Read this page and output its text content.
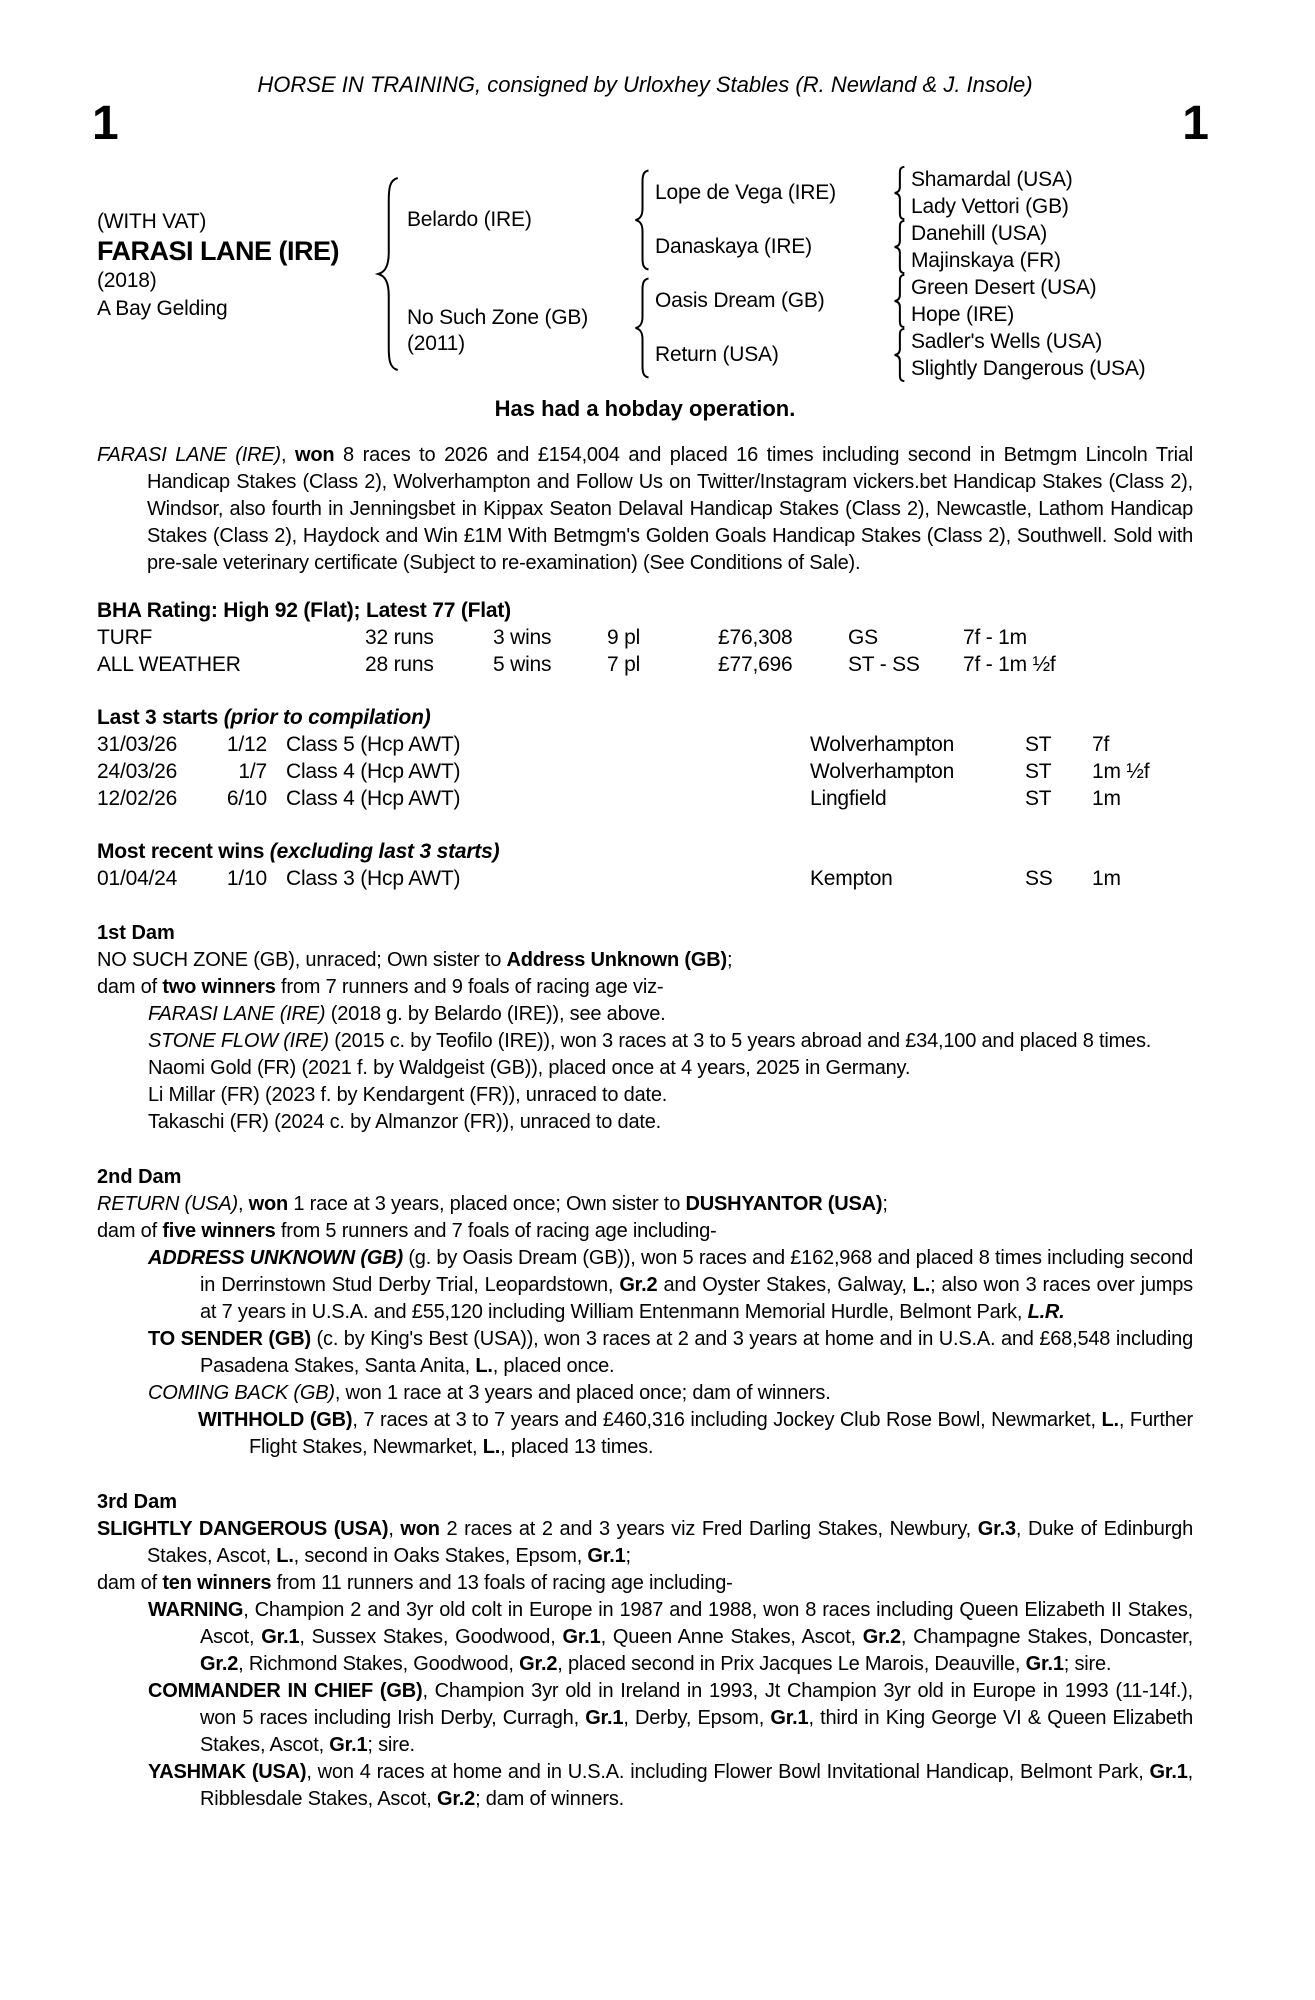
1	1
HORSE IN TRAINING, consigned by Urloxhey Stables (R. Newland & J. Insole)
(WITH VAT)
FARASI LANE (IRE)
(2018)
A Bay Gelding
Belardo (IRE)
No Such Zone (GB)
(2011)
Lope de Vega (IRE)
Danaskaya (IRE)
Oasis Dream (GB)
Return (USA)
Shamardal (USA)
Lady Vettori (GB)
Danehill (USA)
Majinskaya (FR)
Green Desert (USA)
Hope (IRE)
Sadler's Wells (USA)
Slightly Dangerous (USA)
Has had a hobday operation.

FARASI LANE (IRE), won 8 races to 2026 and £154,004 and placed 16 times including second in Betmgm Lincoln Trial Handicap Stakes (Class 2), Wolverhampton and Follow Us on Twitter/Instagram vickers.bet Handicap Stakes (Class 2), Windsor, also fourth in Jenningsbet in Kippax Seaton Delaval Handicap Stakes (Class 2), Newcastle, Lathom Handicap Stakes (Class 2), Haydock and Win £1M With Betmgm's Golden Goals Handicap Stakes (Class 2), Southwell. Sold with pre-sale veterinary certificate (Subject to re-examination) (See Conditions of Sale).

BHA Rating: High 92 (Flat); Latest 77 (Flat)
TURF	32 runs	3 wins	9 pl	£76,308	GS	7f - 1m
ALL WEATHER	28 runs	5 wins	7 pl	£77,696	ST - SS	7f - 1m ½f
Last 3 starts (prior to compilation)
31/03/26	1/12 Class 5 (Hcp AWT)	Wolverhampton	ST	7f
24/03/26	1/7 Class 4 (Hcp AWT)	Wolverhampton	ST	1m ½f
12/02/26	6/10 Class 4 (Hcp AWT)	Lingfield	ST	1m
Most recent wins (excluding last 3 starts)
01/04/24	1/10 Class 3 (Hcp AWT)	Kempton	SS	1m
1st Dam

NO SUCH ZONE (GB), unraced; Own sister to Address Unknown (GB);

dam of two winners from 7 runners and 9 foals of racing age viz-

FARASI LANE (IRE) (2018 g. by Belardo (IRE)), see above.

STONE FLOW (IRE) (2015 c. by Teofilo (IRE)), won 3 races at 3 to 5 years abroad and £34,100 and placed 8 times.

Naomi Gold (FR) (2021 f. by Waldgeist (GB)), placed once at 4 years, 2025 in Germany.

Li Millar (FR) (2023 f. by Kendargent (FR)), unraced to date.

Takaschi (FR) (2024 c. by Almanzor (FR)), unraced to date.

2nd Dam

RETURN (USA), won 1 race at 3 years, placed once; Own sister to DUSHYANTOR (USA);

dam of five winners from 5 runners and 7 foals of racing age including-

ADDRESS UNKNOWN (GB) (g. by Oasis Dream (GB)), won 5 races and £162,968 and placed 8 times including second in Derrinstown Stud Derby Trial, Leopardstown, Gr.2 and Oyster Stakes, Galway, L.; also won 3 races over jumps at 7 years in U.S.A. and £55,120 including William Entenmann Memorial Hurdle, Belmont Park, L.R.

TO SENDER (GB) (c. by King's Best (USA)), won 3 races at 2 and 3 years at home and in U.S.A. and £68,548 including Pasadena Stakes, Santa Anita, L., placed once.

COMING BACK (GB), won 1 race at 3 years and placed once; dam of winners.

WITHHOLD (GB), 7 races at 3 to 7 years and £460,316 including Jockey Club Rose Bowl, Newmarket, L., Further Flight Stakes, Newmarket, L., placed 13 times.

3rd Dam

SLIGHTLY DANGEROUS (USA), won 2 races at 2 and 3 years viz Fred Darling Stakes, Newbury, Gr.3, Duke of Edinburgh Stakes, Ascot, L., second in Oaks Stakes, Epsom, Gr.1;

dam of ten winners from 11 runners and 13 foals of racing age including-

WARNING, Champion 2 and 3yr old colt in Europe in 1987 and 1988, won 8 races including Queen Elizabeth II Stakes, Ascot, Gr.1, Sussex Stakes, Goodwood, Gr.1, Queen Anne Stakes, Ascot, Gr.2, Champagne Stakes, Doncaster, Gr.2, Richmond Stakes, Goodwood, Gr.2, placed second in Prix Jacques Le Marois, Deauville, Gr.1; sire.

COMMANDER IN CHIEF (GB), Champion 3yr old in Ireland in 1993, Jt Champion 3yr old in Europe in 1993 (11-14f.), won 5 races including Irish Derby, Curragh, Gr.1, Derby, Epsom, Gr.1, third in King George VI & Queen Elizabeth Stakes, Ascot, Gr.1; sire.

YASHMAK (USA), won 4 races at home and in U.S.A. including Flower Bowl Invitational Handicap, Belmont Park, Gr.1, Ribblesdale Stakes, Ascot, Gr.2; dam of winners.
